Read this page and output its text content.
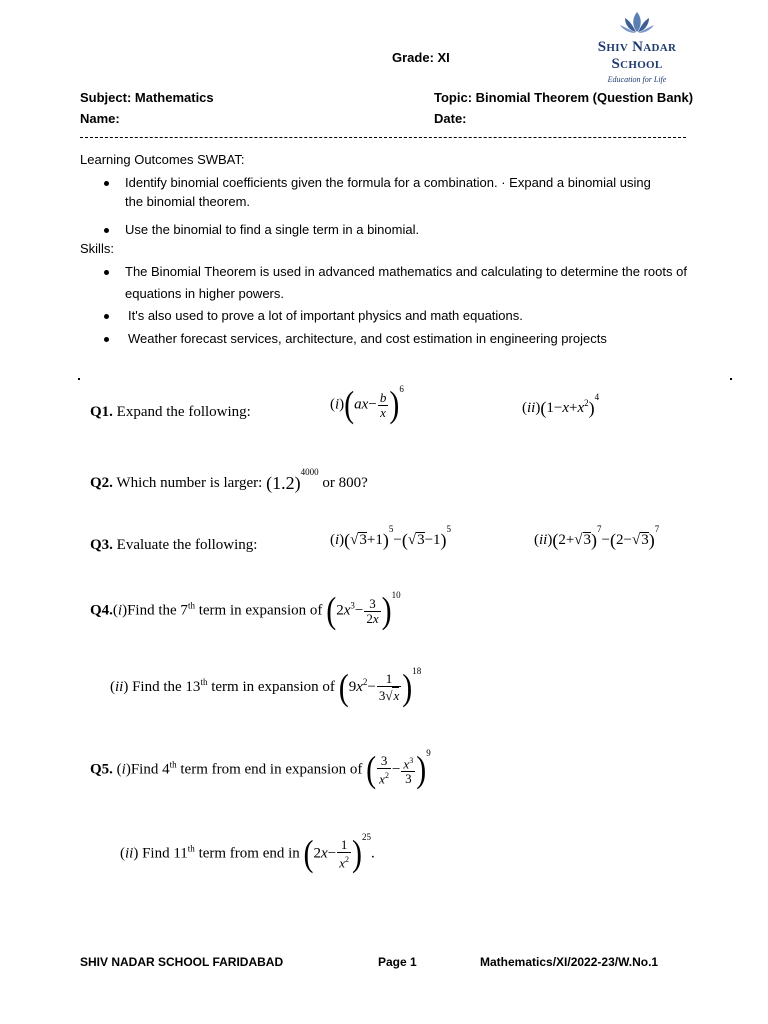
Grade: XI
Shiv Nadar School
Education for Life
Subject: Mathematics	Topic: Binomial Theorem (Question Bank)
Name:	Date:
Learning Outcomes SWBAT:
Identify binomial coefficients given the formula for a combination. · Expand a binomial using
the binomial theorem.
Use the binomial to find a single term in a binomial.
Skills:
The Binomial Theorem is used in advanced mathematics and calculating to determine the roots of
equations in higher powers.
It's also used to prove a lot of important physics and math equations.
Weather forecast services, architecture, and cost estimation in engineering projects
Q1. Expand the following:	$(i)(ax- \frac{b}{x} )^6$
$(ii)(1-x+x^2)^4$
Q2. Which number is larger: $(1.2)^{4000}$ or 800?
Q3. Evaluate the following:	$(i)(√3+1)^5-(√3-1)^5$
$(ii)(2+√3)^7-(2-√3)^7$
Q4.(i)Find the 7th term in expansion of $(2x^3- \frac{3}{2x} )^{10}$
(ii) Find the 13th term in expansion of $(9x^2- \frac{1}{3√x} )^{18}$
Q5. (i)Find 4th term from end in expansion of ( $\frac{3}{x^2} - \frac{x^3}{3} )^9$
(ii) Find 11th term from end in $(2x- \frac{1}{x^2} )^{25}$.
SHIV NADAR SCHOOL FARIDABAD	Page 1	Mathematics/XI/2022-23/W.No.1
